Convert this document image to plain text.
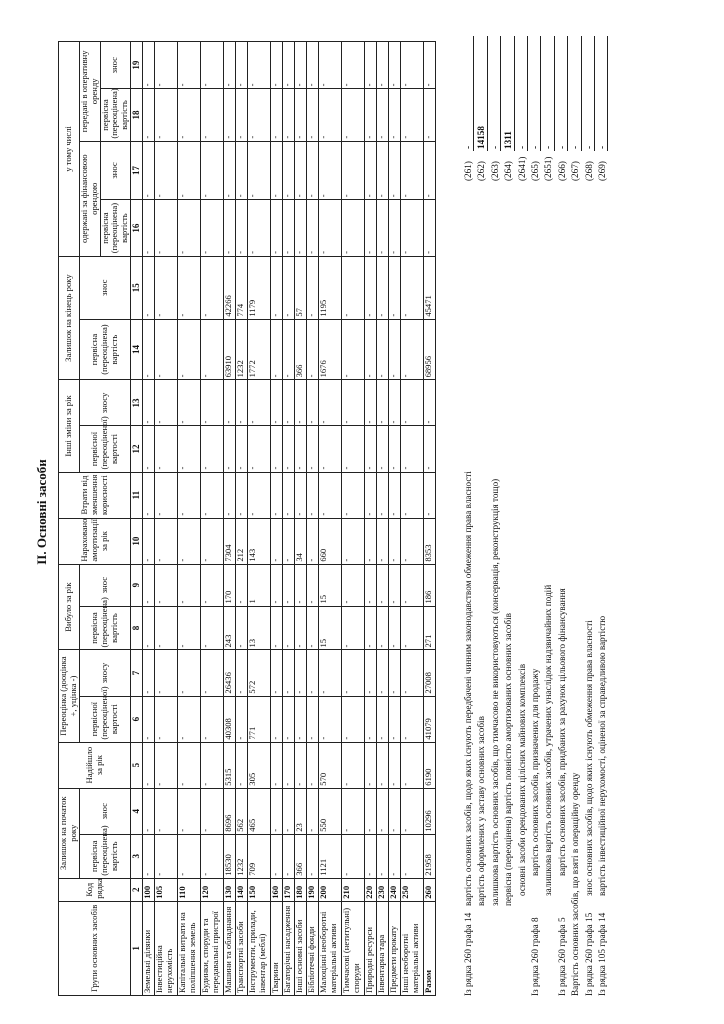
II. Основні засоби
Групи основних засобів	Код рядка	Залишок на початок року		Надійшло за рік	Переоцінка (дооцінка +, уцінка -)		Вибуло за рік		Нараховано амортизації за рік	Втрати від зменшення корисності	Інші зміни за рік		Залишок на кінець року		у тому числі			
		первісна (переоцінена) вартість	знос		первісної (переоціненої) вартості	зносу	первісна (переоцінена) вартість	знос			первісної (переоціненої) вартості	зносу	первісна (переоцінена) вартість	знос	одержані за фінансовою орендою		передані в оперативну оренду	
															первісна (переоцінена) вартість	знос	первісна (переоцінена) вартість	знос
1	2	3	4	5	6	7	8	9	10	11	12	13	14	15	16	17	18	19
Земельні ділянки	100	-	-	-	-	-	-	-	-	-	-	-	-	-	-	-	-	-
Інвестиційна нерухомість	105	-	-	-	-	-	-	-	-	-	-	-	-	-	-	-	-	-
Капітальні витрати на поліпшення земель	110	-	-	-	-	-	-	-	-	-	-	-	-	-	-	-	-	-
Будинки, споруди та передавальні пристрої	120	-	-	-	-	-	-	-	-	-	-	-	-	-	-	-	-	-
Машини та обладнання	130	18530	8696	5315	40308	26436	243	170	7304	-	-	-	63910	42266	-	-	-	-
Транспортні засоби	140	1232	562	-	-	-	-	-	212	-	-	-	1232	774	-	-	-	-
Інструменти, прилади, інвентар (меблі)	150	709	465	305	771	572	13	1	143	-	-	-	1772	1179	-	-	-	-
Тварини	160	-	-	-	-	-	-	-	-	-	-	-	-	-	-	-	-	-
Багаторічні насадження	170	-	-	-	-	-	-	-	-	-	-	-	-	-	-	-	-	-
Інші основні засоби	180	366	23	-	-	-	-	-	34	-	-	-	366	57	-	-	-	-
Бібліотечні фонди	190	-	-	-	-	-	-	-	-	-	-	-	-	-	-	-	-	-
Малоцінні необоротні матеріальні активи	200	1121	550	570	-	-	15	15	660	-	-	-	1676	1195	-	-	-	-
Тимчасові (нетитульні) споруди	210	-	-	-	-	-	-	-	-	-	-	-	-	-	-	-	-	-
Природні ресурси	220	-	-	-	-	-	-	-	-	-	-	-	-	-	-	-	-	-
Інвентарна тара	230	-	-	-	-	-	-	-	-	-	-	-	-	-	-	-	-	-
Предмети прокату	240	-	-	-	-	-	-	-	-	-	-	-	-	-	-	-	-	-
Інші необоротні матеріальні активи	250	-	-	-	-	-	-	-	-	-	-	-	-	-	-	-	-	-
Разом	260	21958	10296	6190	41079	27008	271	186	8353	-	-	-	68956	45471	-	-	-	-
Із рядка 260 графа 14
вартість основних засобів, щодо яких існують передбачені чинним законодавством обмеження права власності
(261)
-
вартість оформлених у заставу основних засобів
(262)
14158
залишкова вартість основних засобів, що тимчасово не використовуються (консервація, реконструкція тощо)
(263)
-
первісна (переоцінена) вартість повністю амортизованих основних засобів
(264)
1311
основні засоби орендованих цілісних майнових комплексів
(2641)
-
Із рядка 260 графа 8
вартість основних засобів, призначених для продажу
(265)
-
залишкова вартість основних засобів, утрачених унаслідок надзвичайних подій
(2651)
-
Із рядка 260 графа 5
вартість основних засобів, придбаних за рахунок цільового фінансування
(266)
-
Вартість основних засобів, що взяті в операційну оренду
(267)
-
Із рядка 260 графа 15
знос основних засобів, щодо яких існують обмеження права власності
(268)
-
Із рядка 105 графа 14
вартість інвестиційної нерухомості, оціненої за справедливою вартістю
(269)
-
